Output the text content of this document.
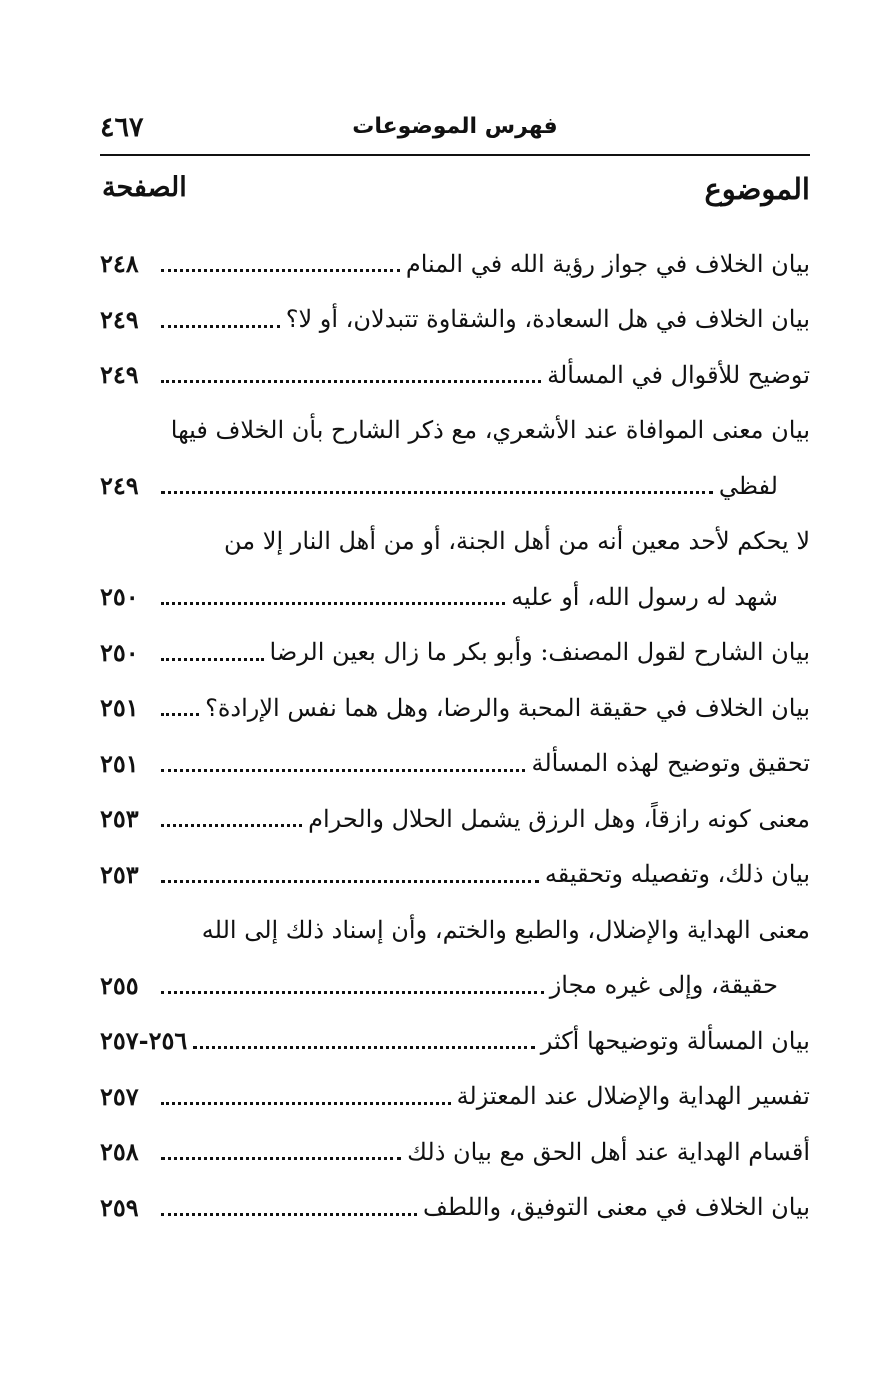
٤٦٧	فهرس الموضوعات
الموضوع
الصفحة
بيان الخلاف في جواز رؤية الله في المنام
٢٤٨
بيان الخلاف في هل السعادة، والشقاوة تتبدلان، أو لا؟
٢٤٩
توضيح للأقوال في المسألة
٢٤٩
بيان معنى الموافاة عند الأشعري، مع ذكر الشارح بأن الخلاف فيها
لفظي
٢٤٩
لا يحكم لأحد معين أنه من أهل الجنة، أو من أهل النار إلا من
شهد له رسول الله، أو عليه
٢٥٠
بيان الشارح لقول المصنف: وأبو بكر ما زال بعين الرضا
٢٥٠
بيان الخلاف في حقيقة المحبة والرضا، وهل هما نفس الإرادة؟
٢٥١
تحقيق وتوضيح لهذه المسألة
٢٥١
معنى كونه رازقاً، وهل الرزق يشمل الحلال والحرام
٢٥٣
بيان ذلك، وتفصيله وتحقيقه
٢٥٣
معنى الهداية والإضلال، والطبع والختم، وأن إسناد ذلك إلى الله
حقيقة، وإلى غيره مجاز
٢٥٥
بيان المسألة وتوضيحها أكثر
٢٥٦-٢٥٧
تفسير الهداية والإضلال عند المعتزلة
٢٥٧
أقسام الهداية عند أهل الحق مع بيان ذلك
٢٥٨
بيان الخلاف في معنى التوفيق، واللطف
٢٥٩
